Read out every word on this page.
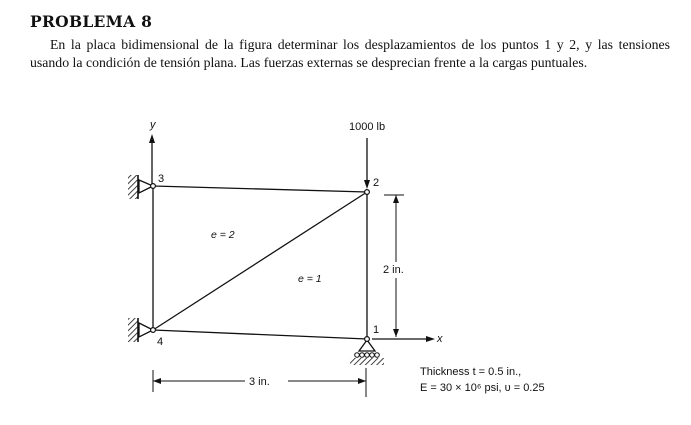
PROBLEMA 8

En la placa bidimensional de la figura determinar los desplazamientos de los puntos 1 y 2, y las tensiones usando la condición de tensión plana. Las fuerzas externas se desprecian frente a la cargas puntuales.

y
x
3
4
2
1
1000 lb
e = 2
e = 1
2 in.
3 in.
Thickness t = 0.5 in.,
E = 30 × 10⁶ psi, υ = 0.25
